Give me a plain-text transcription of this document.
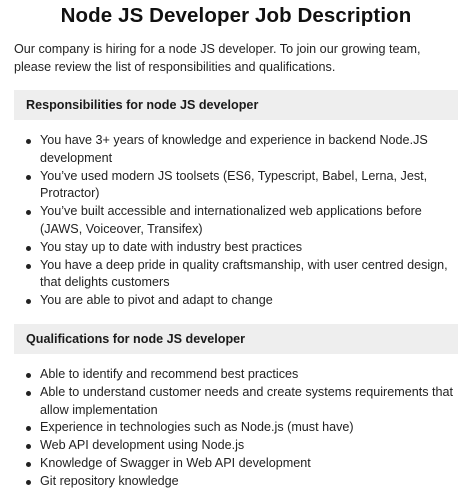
Node JS Developer Job Description

Our company is hiring for a node JS developer. To join our growing team, please review the list of responsibilities and qualifications.

Responsibilities for node JS developer
You have 3+ years of knowledge and experience in backend Node.JS development
You’ve used modern JS toolsets (ES6, Typescript, Babel, Lerna, Jest, Protractor)
You’ve built accessible and internationalized web applications before (JAWS, Voiceover, Transifex)
You stay up to date with industry best practices
You have a deep pride in quality craftsmanship, with user centred design, that delights customers
You are able to pivot and adapt to change
Qualifications for node JS developer
Able to identify and recommend best practices
Able to understand customer needs and create systems requirements that allow implementation
Experience in technologies such as Node.js (must have)
Web API development using Node.js
Knowledge of Swagger in Web API development
Git repository knowledge
